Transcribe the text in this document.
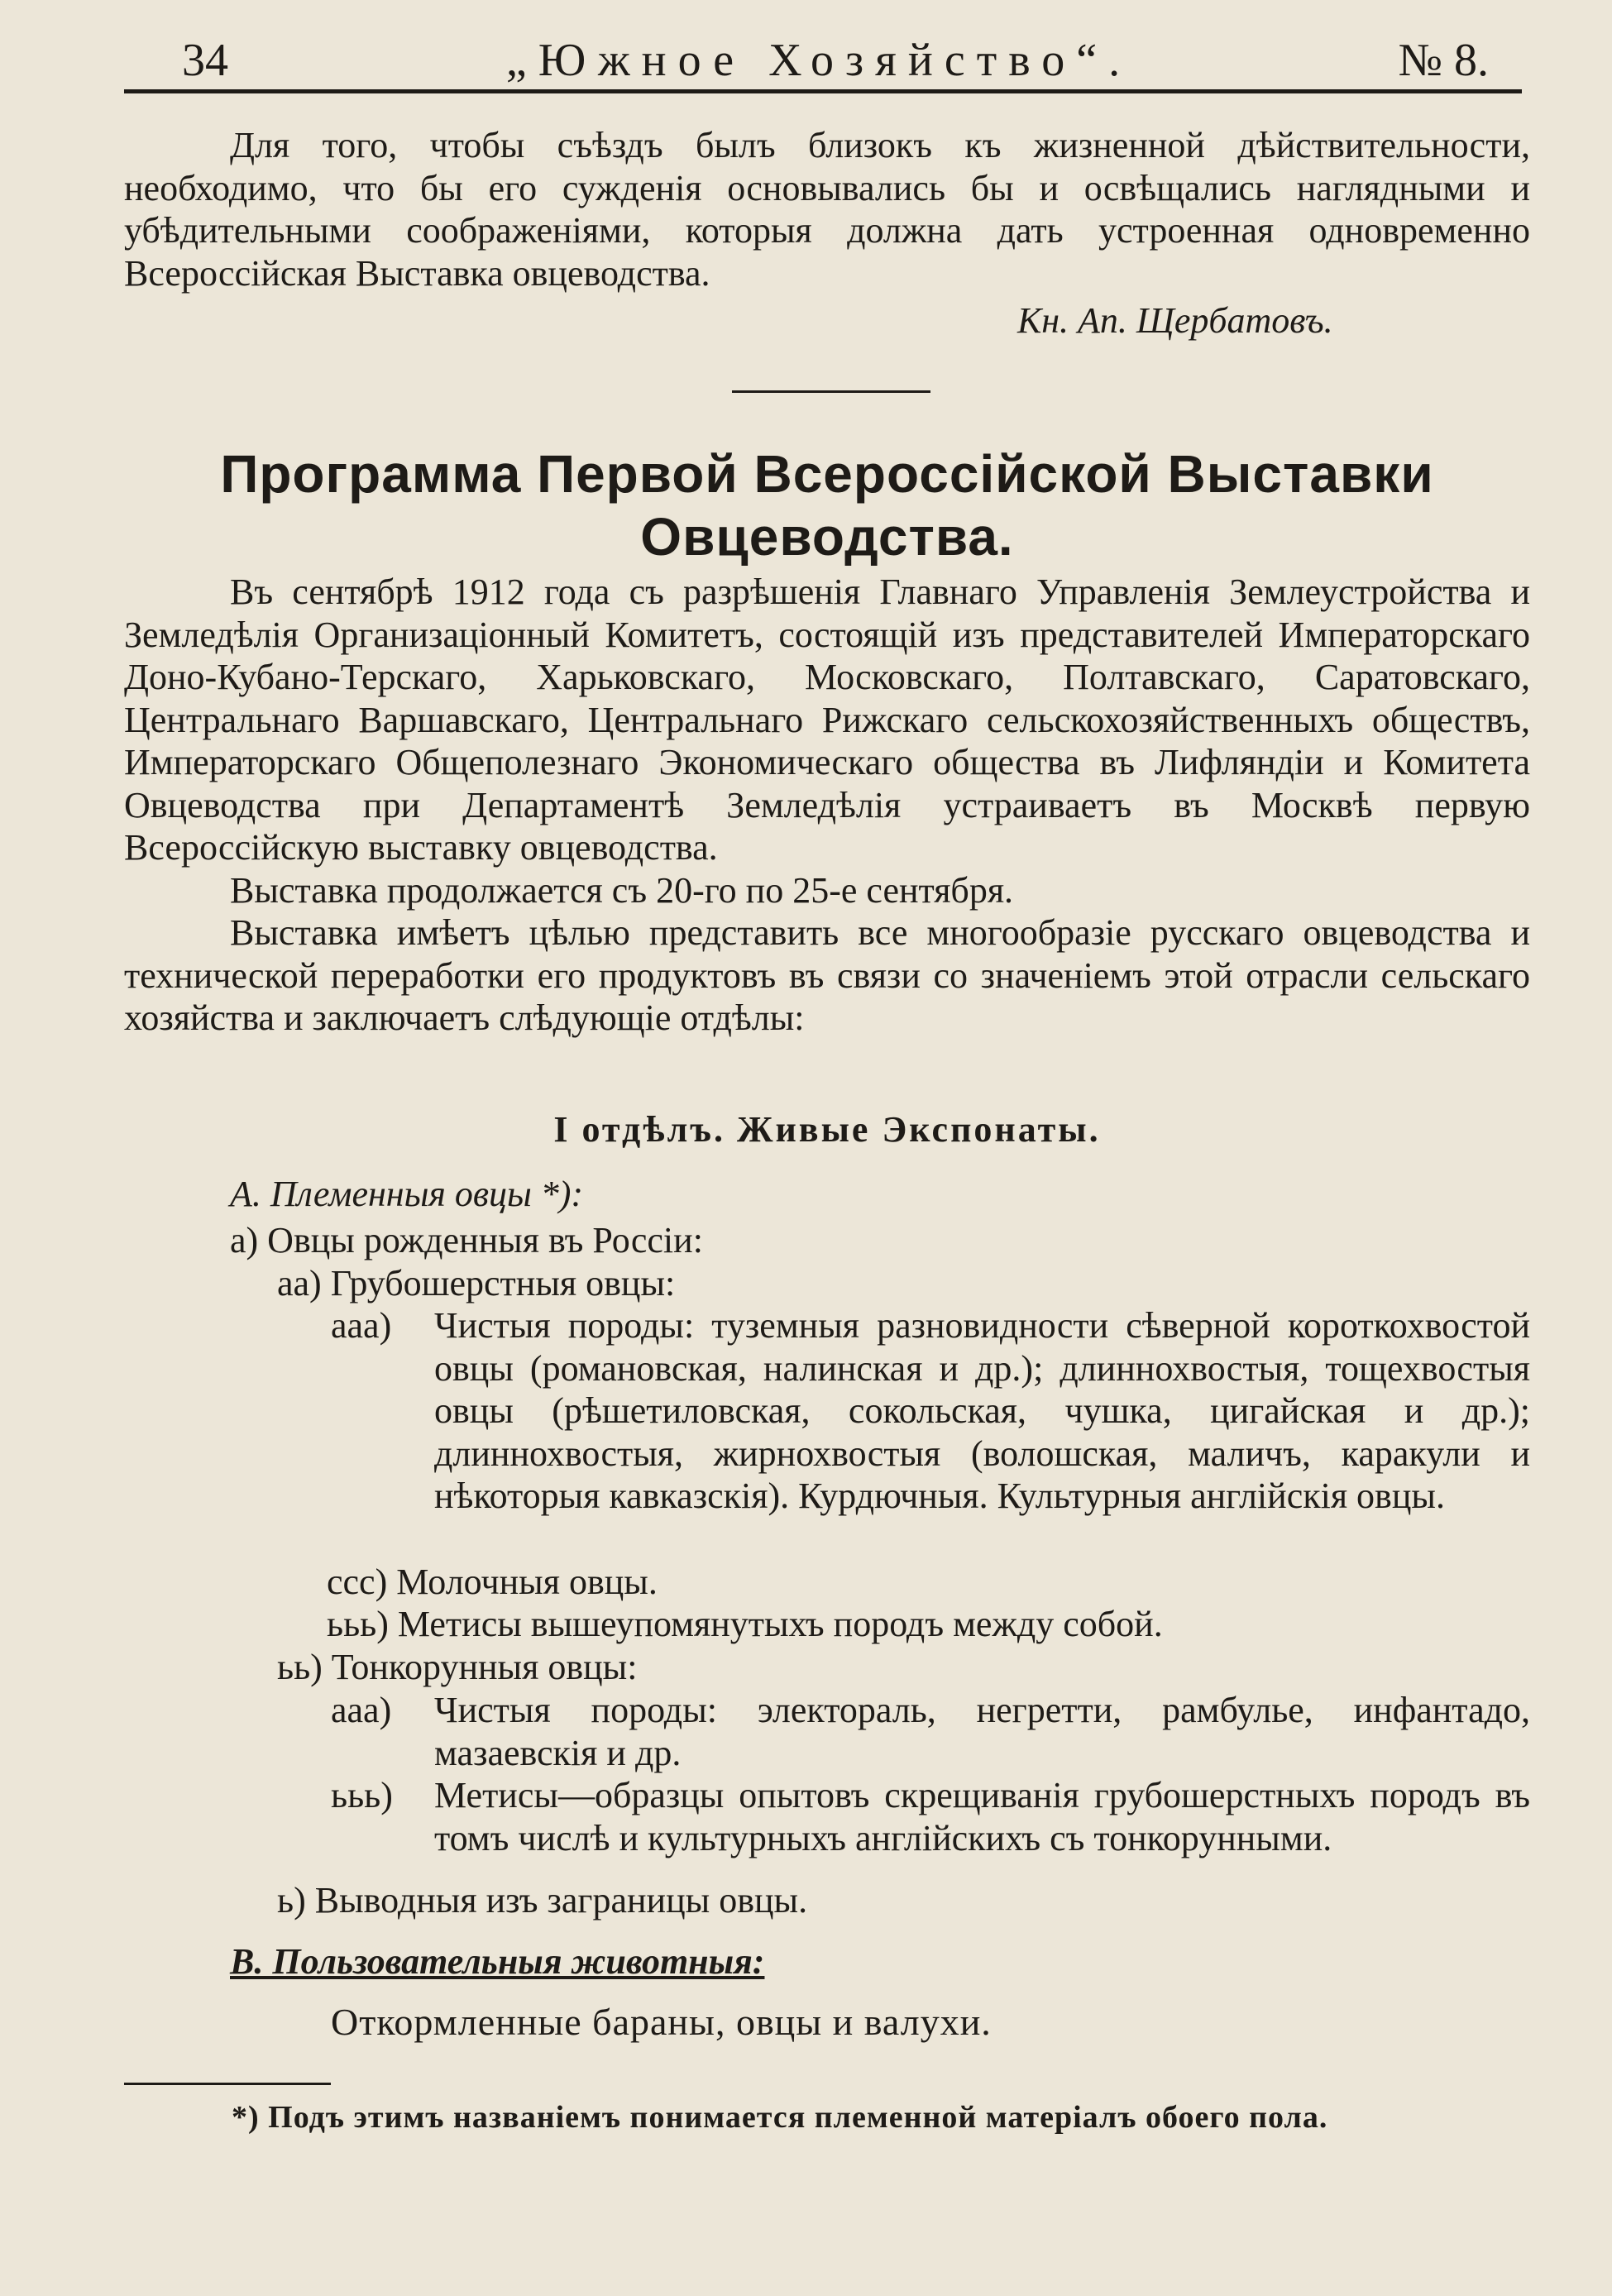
34	„Южное Хозяйство“.	№ 8.

Для того, чтобы съѣздъ былъ близокъ къ жизненной дѣйствительности, необходимо, что бы его сужденія основывались бы и освѣщались наглядными и убѣдительными соображеніями, которыя должна дать устроенная одновременно Всероссійская Выставка овцеводства.

Кн. Ап. Щербатовъ.
Программа Первой Всероссійской Выставки Овцеводства.

Въ сентябрѣ 1912 года съ разрѣшенія Главнаго Управленія Землеустройства и Земледѣлія Организаціонный Комитетъ, состоящій изъ представителей Императорскаго Доно-Кубано-Терскаго, Харьковскаго, Московскаго, Полтавскаго, Саратовскаго, Центральнаго Варшавскаго, Центральнаго Рижскаго сельскохозяйственныхъ обществъ, Императорскаго Общеполезнаго Экономическаго общества въ Лифляндіи и Комитета Овцеводства при Департаментѣ Земледѣлія устраиваетъ въ Москвѣ первую Всероссійскую выставку овцеводства.

Выставка продолжается съ 20-го по 25-е сентября.

Выставка имѣетъ цѣлью представить все многообразіе русскаго овцеводства и технической переработки его продуктовъ въ связи со значеніемъ этой отрасли сельскаго хозяйства и заключаетъ слѣдующіе отдѣлы:

I отдѣлъ. Живые Экспонаты.
А. Племенныя овцы *):
а) Овцы рожденныя въ Россіи:
аа) Грубошерстныя овцы:
ааа) Чистыя породы: туземныя разновидности сѣверной короткохвостой овцы (романовская, налинская и др.); длиннохвостыя, тощехвостыя овцы (рѣшетиловская, сокольская, чушка, цигайская и др.); длиннохвостыя, жирнохвостыя (волошская, маличъ, каракули и нѣкоторыя кавказскія). Курдючныя. Культурныя англійскія овцы.

ссс) Молочныя овцы.
ььь) Метисы вышеупомянутыхъ породъ между собой.
ьь) Тонкорунныя овцы:
ааа) Чистыя породы: электораль, негретти, рамбулье, инфантадо, мазаевскія и др.

ььь) Метисы—образцы опытовъ скрещиванія грубошерстныхъ породъ въ томъ числѣ и культурныхъ англійскихъ съ тонкорунными.

ь) Выводныя изъ заграницы овцы.
В. Пользовательныя животныя:
Откормленные бараны, овцы и валухи.
*) Подъ этимъ названіемъ понимается племенной матеріалъ обоего пола.
